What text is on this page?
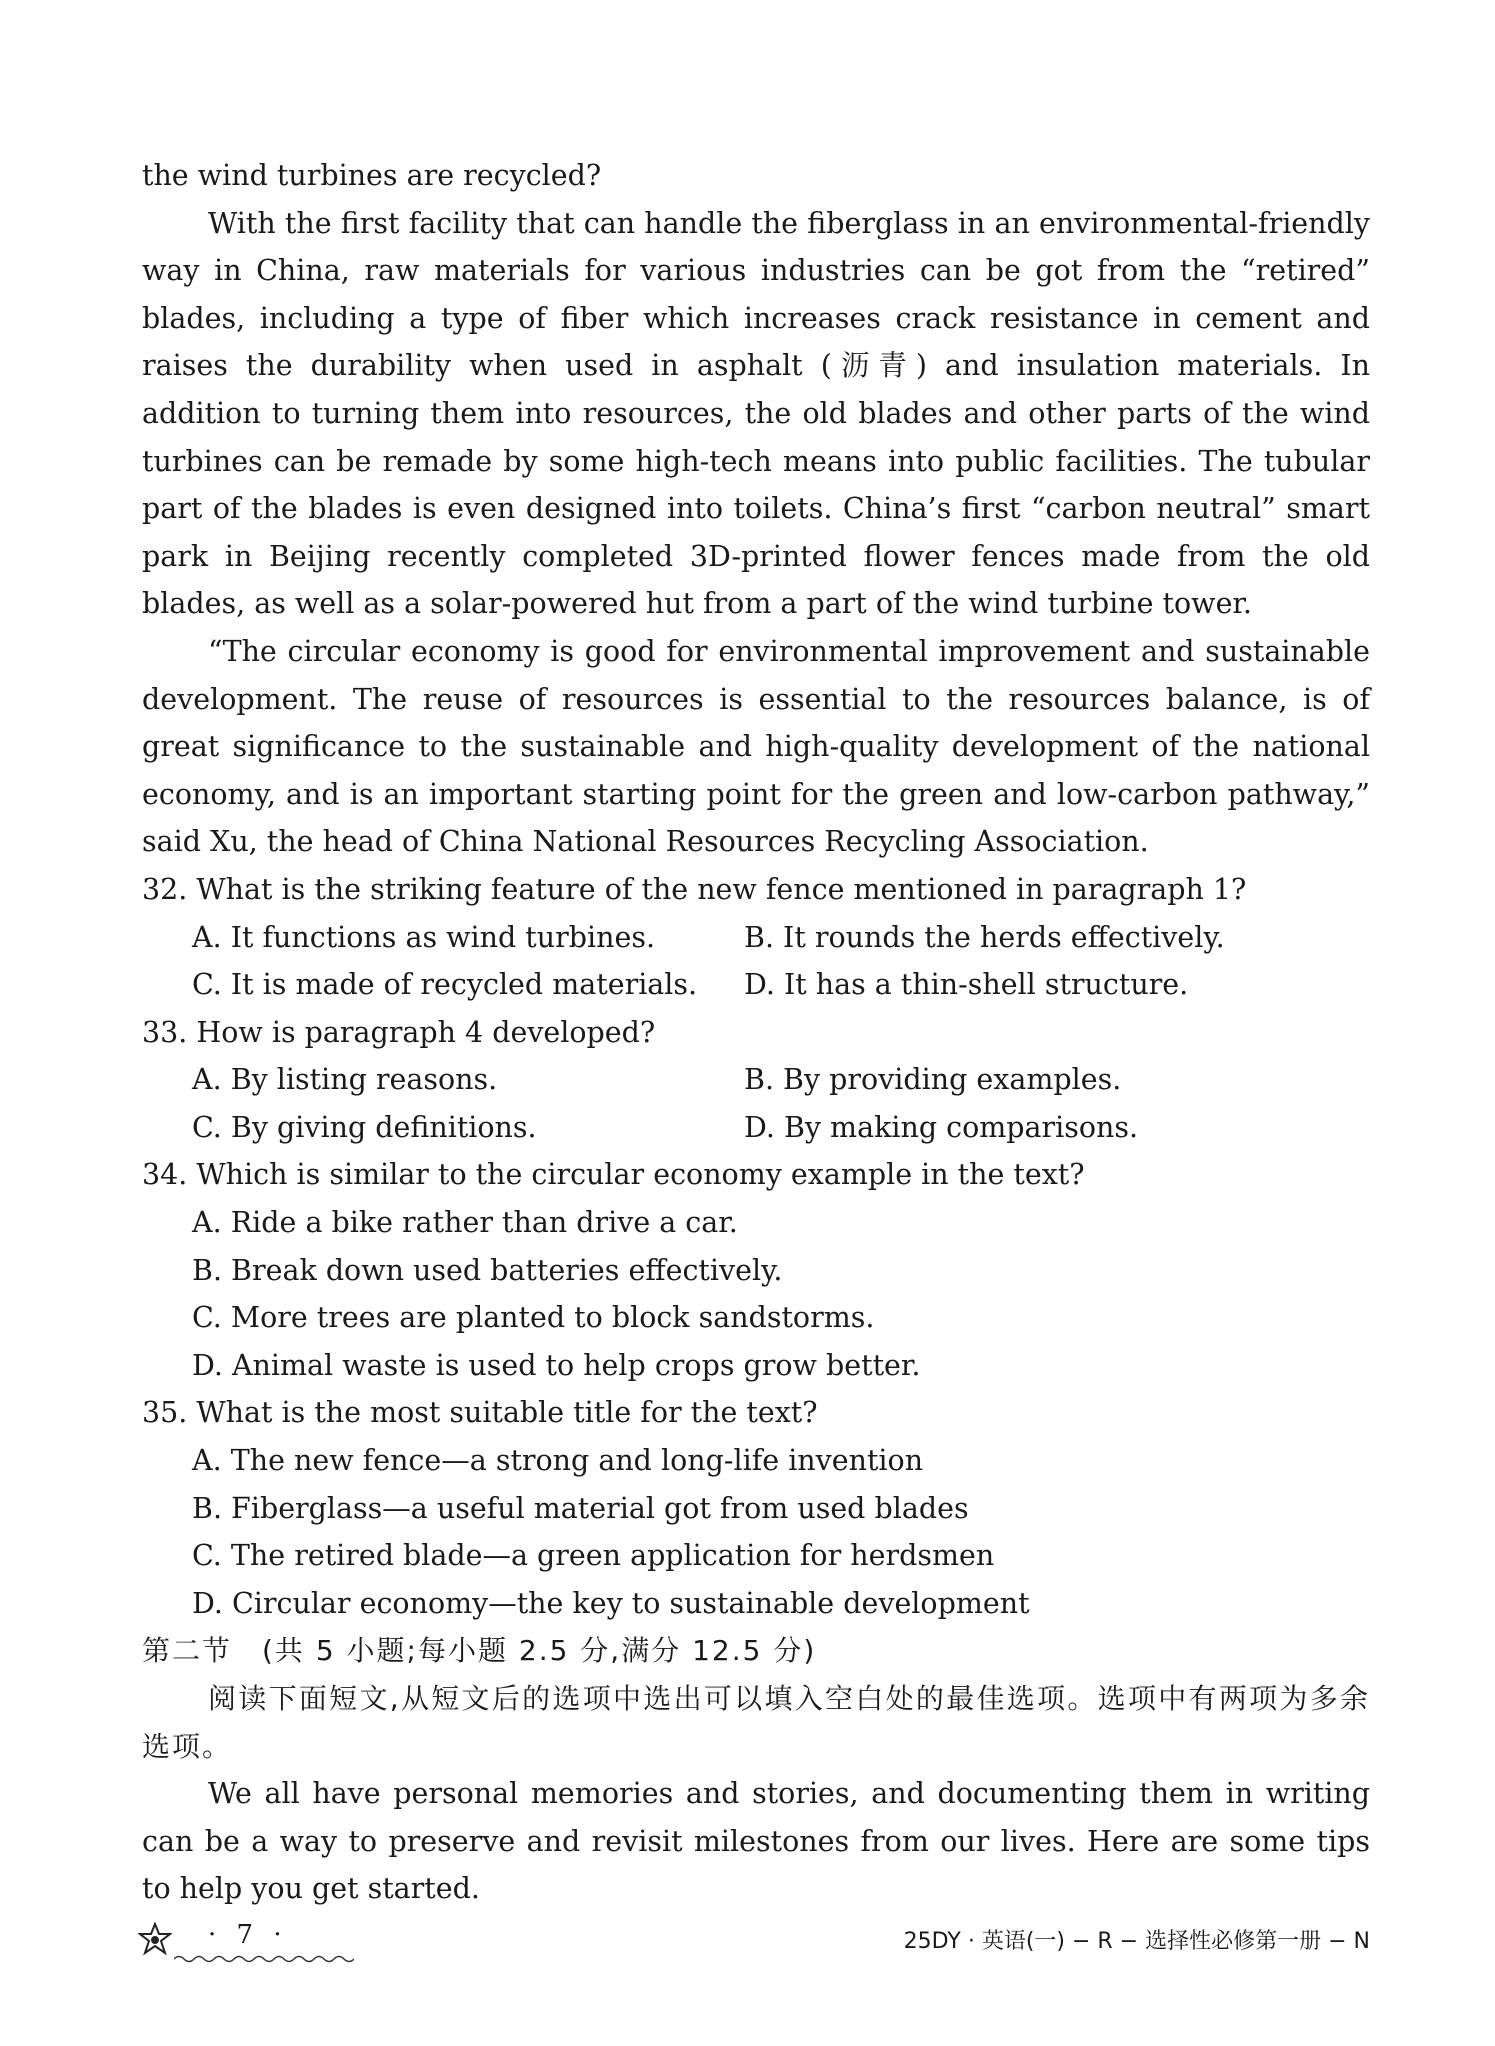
the wind turbines are recycled?

With the first facility that can handle the fiberglass in an environmental-friendly way in China, raw materials for various industries can be got from the “retired” blades, including a type of fiber which increases crack resistance in cement and raises the durability when used in asphalt (沥青) and insulation materials. In addition to turning them into resources, the old blades and other parts of the wind turbines can be remade by some high-tech means into public facilities. The tubular part of the blades is even designed into toilets. China’s first “carbon neutral” smart park in Beijing recently completed 3D-printed flower fences made from the old blades, as well as a solar-powered hut from a part of the wind turbine tower.

“The circular economy is good for environmental improvement and sustainable development. The reuse of resources is essential to the resources balance, is of great significance to the sustainable and high-quality development of the national economy, and is an important starting point for the green and low-carbon pathway,” said Xu, the head of China National Resources Recycling Association.

32. What is the striking feature of the new fence mentioned in paragraph 1?

A. It functions as wind turbines.	B. It rounds the herds effectively.
C. It is made of recycled materials.	D. It has a thin-shell structure.

33. How is paragraph 4 developed?

A. By listing reasons.	B. By providing examples.
C. By giving definitions.	D. By making comparisons.

34. Which is similar to the circular economy example in the text?

A. Ride a bike rather than drive a car.

B. Break down used batteries effectively.

C. More trees are planted to block sandstorms.

D. Animal waste is used to help crops grow better.

35. What is the most suitable title for the text?

A. The new fence—a strong and long-life invention

B. Fiberglass—a useful material got from used blades

C. The retired blade—a green application for herdsmen

D. Circular economy—the key to sustainable development

第二节　(共 5 小题;每小题 2.5 分,满分 12.5 分)

阅读下面短文,从短文后的选项中选出可以填入空白处的最佳选项。选项中有两项为多余选项。

We all have personal memories and stories, and documenting them in writing can be a way to preserve and revisit milestones from our lives. Here are some tips to help you get started.

· 7 ·	25DY · 英语(一) − R − 选择性必修第一册 − N
